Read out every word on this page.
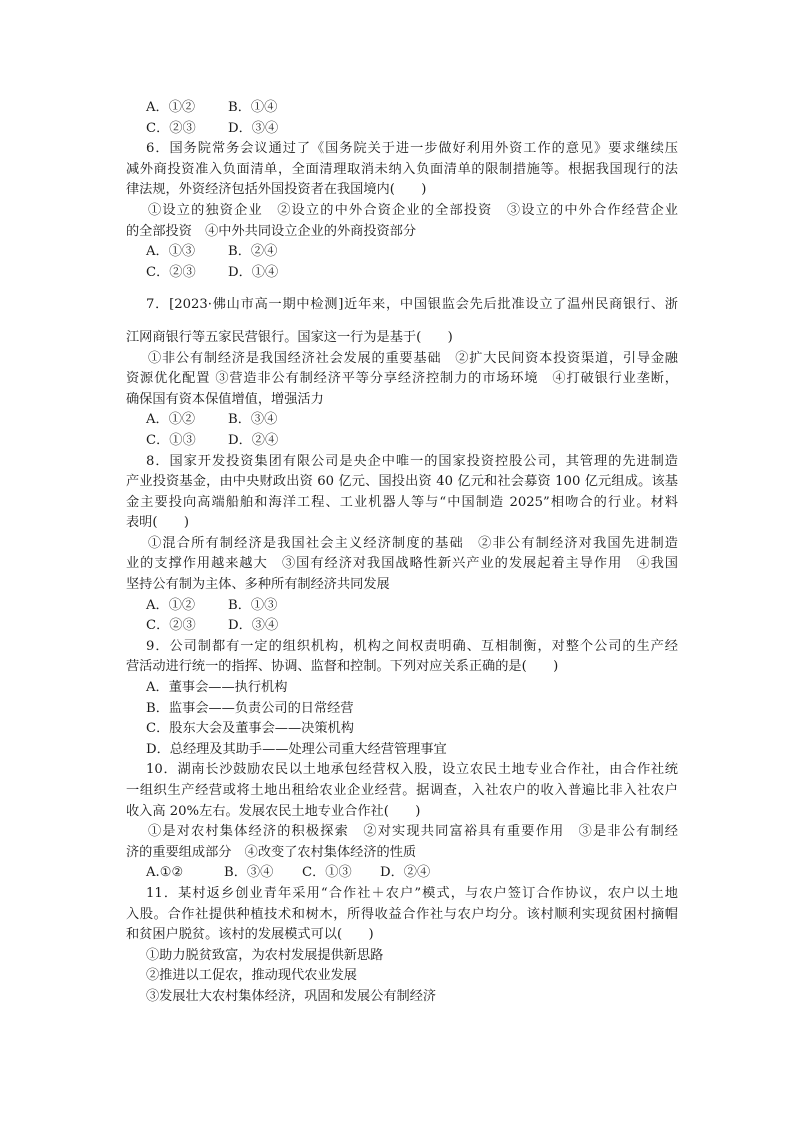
A．①② B．①④
C．②③ D．③④
6．国务院常务会议通过了《国务院关于进一步做好利用外资工作的意见》要求继续压
减外商投资准入负面清单，全面清理取消未纳入负面清单的限制措施等。根据我国现行的法
律法规，外资经济包括外国投资者在我国境内(　　)
①设立的独资企业　②设立的中外合资企业的全部投资　③设立的中外合作经营企业
的全部投资　④中外共同设立企业的外商投资部分
A．①③ B．②④
C．②③ D．①④
7．[2023·佛山市高一期中检测]近年来，中国银监会先后批准设立了温州民商银行、浙
江网商银行等五家民营银行。国家这一行为是基于(　　)
①非公有制经济是我国经济社会发展的重要基础　②扩大民间资本投资渠道，引导金融
资源优化配置 ③营造非公有制经济平等分享经济控制力的市场环境　④打破银行业垄断，
确保国有资本保值增值，增强活力
A．①② B．③④
C．①③ D．②④
8．国家开发投资集团有限公司是央企中唯一的国家投资控股公司，其管理的先进制造
产业投资基金，由中央财政出资 60 亿元、国投出资 40 亿元和社会募资 100 亿元组成。该基
金主要投向高端船舶和海洋工程、工业机器人等与“中国制造 2025”相吻合的行业。材料
表明(　　)
①混合所有制经济是我国社会主义经济制度的基础　②非公有制经济对我国先进制造
业的支撑作用越来越大　③国有经济对我国战略性新兴产业的发展起着主导作用　④我国
坚持公有制为主体、多种所有制经济共同发展
A．①② B．①③
C．②③ D．③④
9．公司制都有一定的组织机构，机构之间权责明确、互相制衡，对整个公司的生产经
营活动进行统一的指挥、协调、监督和控制。下列对应关系正确的是(　　)
A．董事会——执行机构
B．监事会——负责公司的日常经营
C．股东大会及董事会——决策机构
D．总经理及其助手——处理公司重大经营管理事宜
10．湖南长沙鼓励农民以土地承包经营权入股，设立农民土地专业合作社，由合作社统
一组织生产经营或将土地出租给农业企业经营。据调查，入社农户的收入普遍比非入社农户
收入高 20%左右。发展农民土地专业合作社(　　)
①是对农村集体经济的积极探索　②对实现共同富裕具有重要作用　③是非公有制经
济的重要组成部分　④改变了农村集体经济的性质
A.①②	B．③④ C．①③ D．②④
11．某村返乡创业青年采用“合作社＋农户”模式，与农户签订合作协议，农户以土地
入股。合作社提供种植技术和树木，所得收益合作社与农户均分。该村顺利实现贫困村摘帽
和贫困户脱贫。该村的发展模式可以(　　)
①助力脱贫致富，为农村发展提供新思路
②推进以工促农，推动现代农业发展
③发展壮大农村集体经济，巩固和发展公有制经济
